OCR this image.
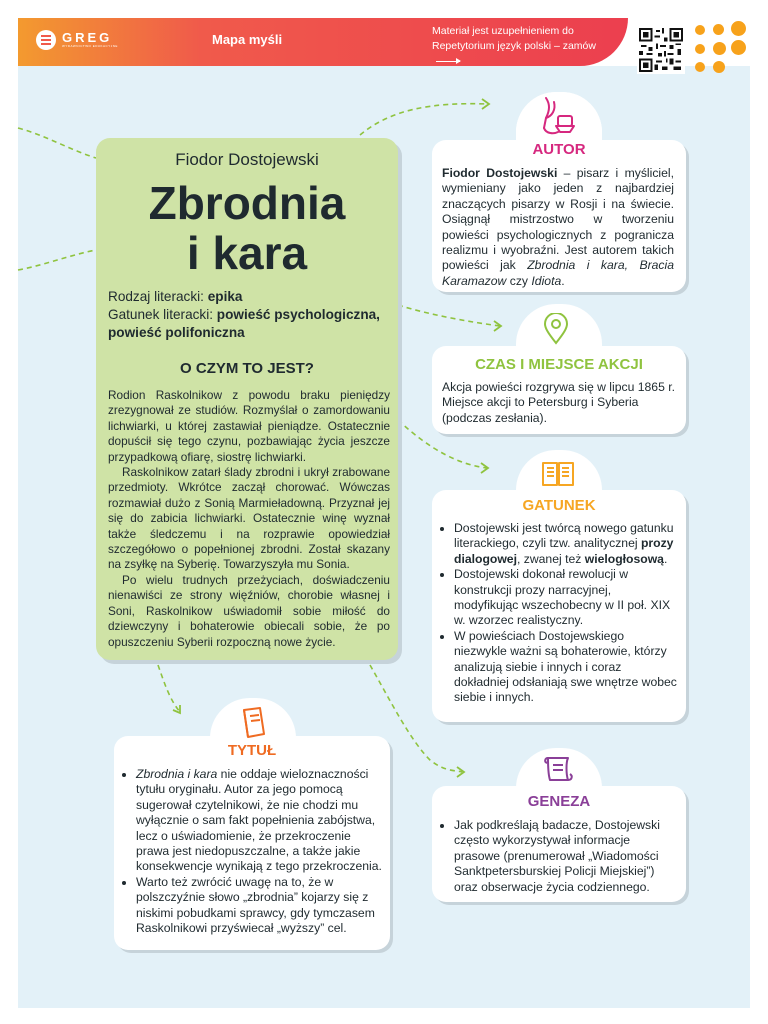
GREG
WYDAWNICTWO EDUKACYJNE	Mapa myśli
Materiał jest uzupełnieniem do
Repetytorium język polski – zamów
Fiodor Dostojewski
Zbrodnia
i kara
Rodzaj literacki: epika
Gatunek literacki: powieść psychologiczna, powieść polifoniczna
O CZYM TO JEST?

Rodion Raskolnikow z powodu braku pieniędzy zrezygnował ze studiów. Rozmyślał o zamordowaniu lichwiarki, u której zastawiał pieniądze. Ostatecznie dopuścił się tego czynu, pozbawiając życia jeszcze przypadkową ofiarę, siostrę lichwiarki.

Raskolnikow zatarł ślady zbrodni i ukrył zrabowane przedmioty. Wkrótce zaczął chorować. Wówczas rozmawiał dużo z Sonią Marmieładowną. Przyznał jej się do zabicia lichwiarki. Ostatecznie winę wyznał także śledczemu i na rozprawie opowiedział szczegółowo o popełnionej zbrodni. Został skazany na zsyłkę na Syberię. Towarzyszyła mu Sonia.

Po wielu trudnych przeżyciach, doświadczeniu nienawiści ze strony więźniów, chorobie własnej i Soni, Raskolnikow uświadomił sobie miłość do dziewczyny i bohaterowie obiecali sobie, że po opuszczeniu Syberii rozpoczną nowe życie.

AUTOR
Fiodor Dostojewski – pisarz i myśliciel, wymieniany jako jeden z najbardziej znaczących pisarzy w Rosji i na świecie. Osiągnął mistrzostwo w tworzeniu powieści psychologicznych z pogranicza realizmu i wyobraźni. Jest autorem takich powieści jak Zbrodnia i kara, Bracia Karamazow czy Idiota.
CZAS I MIEJSCE AKCJI
Akcja powieści rozgrywa się w lipcu 1865 r. Miejsce akcji to Petersburg i Syberia (podczas zesłania).
GATUNEK
• Dostojewski jest twórcą nowego gatunku literackiego, czyli tzw. analitycznej prozy dialogowej, zwanej też wielogłosową.
• Dostojewski dokonał rewolucji w konstrukcji prozy narracyjnej, modyfikując wszechobecny w II poł. XIX w. wzorzec realistyczny.
• W powieściach Dostojewskiego niezwykle ważni są bohaterowie, którzy analizują siebie i innych i coraz dokładniej odsłaniają swe wnętrze wobec siebie i innych.
TYTUŁ
• Zbrodnia i kara nie oddaje wieloznaczności tytułu oryginału. Autor za jego pomocą sugerował czytelnikowi, że nie chodzi mu wyłącznie o sam fakt popełnienia zabójstwa, lecz o uświadomienie, że przekroczenie prawa jest niedopuszczalne, a także jakie konsekwencje wynikają z tego przekroczenia.
• Warto też zwrócić uwagę na to, że w polszczyźnie słowo „zbrodnia” kojarzy się z niskimi pobudkami sprawcy, gdy tymczasem Raskolnikowi przyświecał „wyższy” cel.
GENEZA
• Jak podkreślają badacze, Dostojewski często wykorzystywał informacje prasowe (prenumerował „Wiadomości Sanktpetersburskiej Policji Miejskiej”) oraz obserwacje życia codziennego.
